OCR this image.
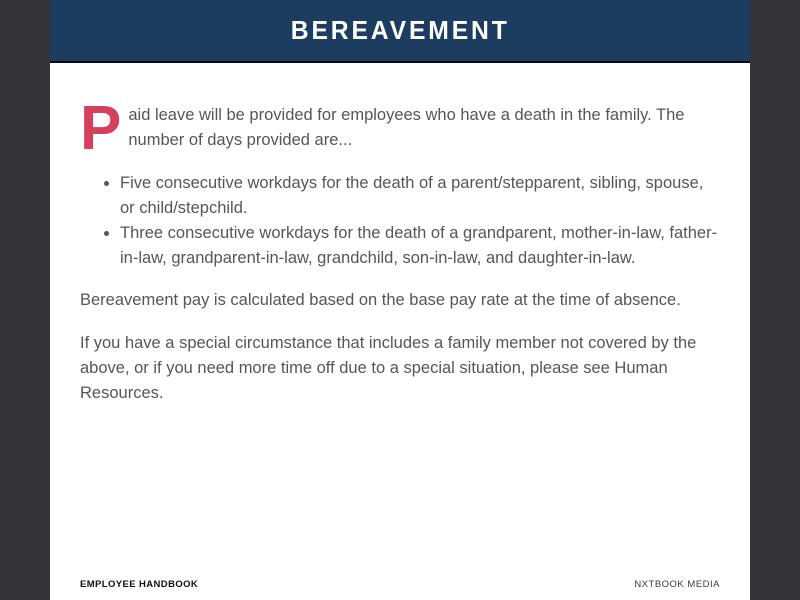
BEREAVEMENT
Paid leave will be provided for employees who have a death in the family. The number of days provided are...
• Five consecutive workdays for the death of a parent/stepparent, sibling, spouse, or child/stepchild.
• Three consecutive workdays for the death of a grandparent, mother-in-law, father-in-law, grandparent-in-law, grandchild, son-in-law, and daughter-in-law.

Bereavement pay is calculated based on the base pay rate at the time of absence.

If you have a special circumstance that includes a family member not covered by the above, or if you need more time off due to a special situation, please see Human Resources.

EMPLOYEE HANDBOOK	NXTBOOK MEDIA
